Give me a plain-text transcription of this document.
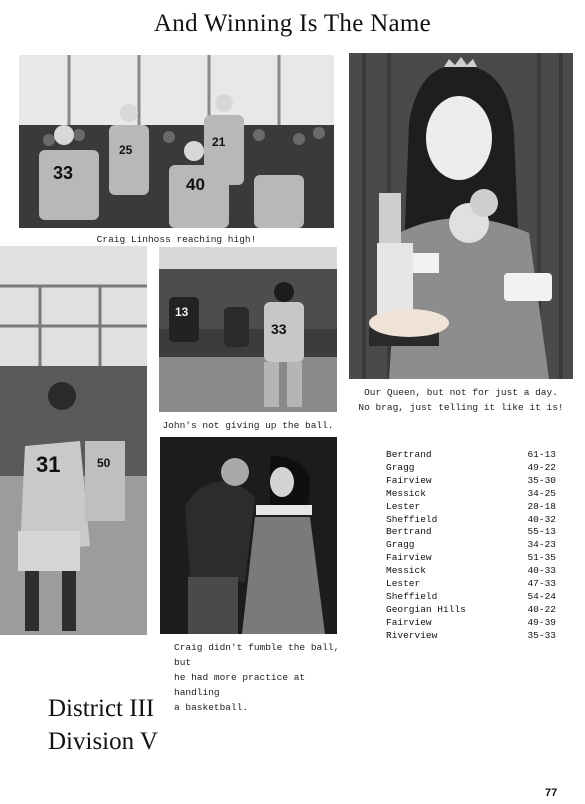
And Winning Is The Name
33
25
40
21
Craig Linhoss reaching high!
Our Queen, but not for just a day.
No brag, just telling it like it is!
31	50
13
33
John's not giving up the ball.
Craig didn't fumble the ball, but
he had more practice at handling
a basketball.
Bertrand	61-13
Gragg	49-22
Fairview	35-30
Messick	34-25
Lester	28-18
Sheffield	40-32
Bertrand	55-13
Gragg	34-23
Fairview	51-35
Messick	40-33
Lester	47-33
Sheffield	54-24
Georgian Hills	40-22
Fairview	49-39
Riverview	35-33
District III
Division V
77
